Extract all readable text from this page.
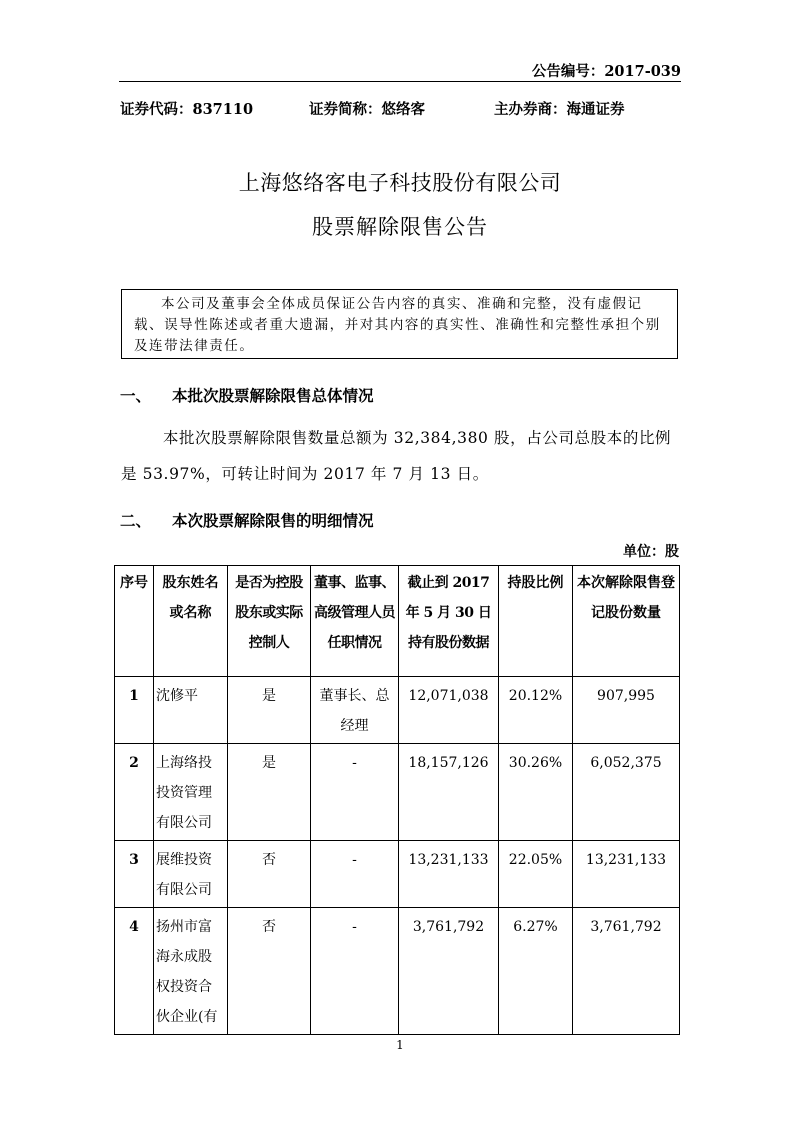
公告编号：2017-039
证券代码：837110	证券简称：悠络客	主办券商：海通证券
上海悠络客电子科技股份有限公司
股票解除限售公告
本公司及董事会全体成员保证公告内容的真实、准确和完整，没有虚假记载、误导性陈述或者重大遗漏，并对其内容的真实性、准确性和完整性承担个别及连带法律责任。
一、 本批次股票解除限售总体情况
本批次股票解除限售数量总额为 32,384,380 股，占公司总股本的比例是 53.97%，可转让时间为 2017 年 7 月 13 日。
二、 本次股票解除限售的明细情况
单位：股
序号	股东姓名或名称	是否为控股股东或实际控制人	董事、监事、高级管理人员任职情况	截止到 2017 年 5 月 30 日持有股份数据	持股比例	本次解除限售登记股份数量
1	沈修平	是	董事长、总经理	12,071,038	20.12%	907,995
2	上海络投投资管理有限公司	是	-	18,157,126	30.26%	6,052,375
3	展维投资有限公司	否	-	13,231,133	22.05%	13,231,133
4	扬州市富海永成股权投资合伙企业(有	否	-	3,761,792	6.27%	3,761,792
1
